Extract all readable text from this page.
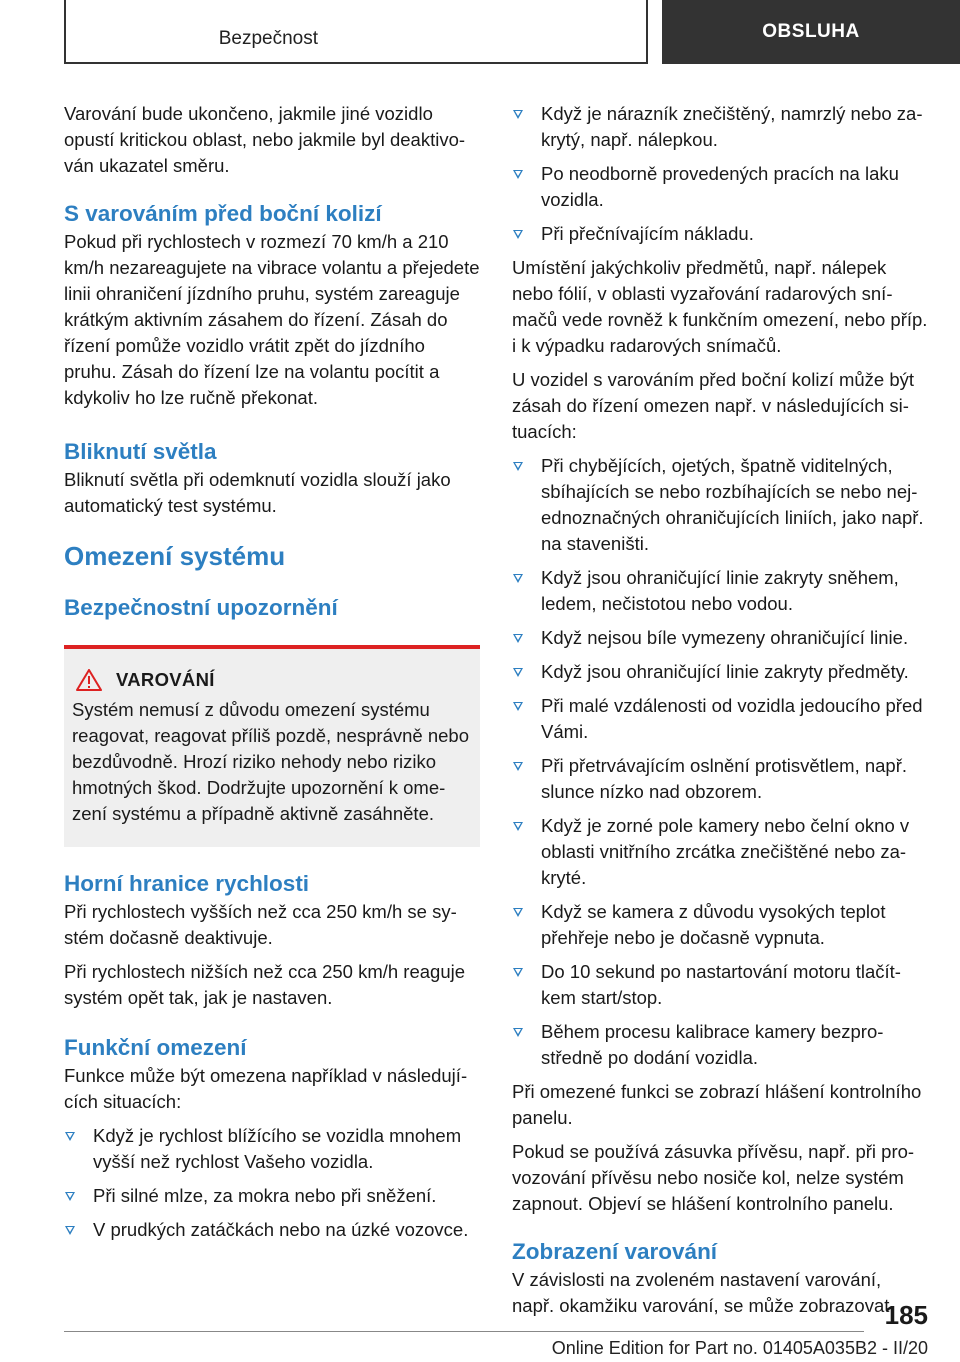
Bezpečnost	OBSLUHA

Varování bude ukončeno, jakmile jiné vozidlo opustí kritickou oblast, nebo jakmile byl deaktivován ukazatel směru.

S varováním před boční kolizí

Pokud při rychlostech v rozmezí 70 km/h a 210 km/h nezareagujete na vibrace volantu a přejedete linii ohraničení jízdního pruhu, systém zareaguje krátkým aktivním zásahem do řízení. Zásah do řízení pomůže vozidlo vrátit zpět do jízdního pruhu. Zásah do řízení lze na volantu pocítit a kdykoliv ho lze ručně překonat.

Bliknutí světla

Bliknutí světla při odemknutí vozidla slouží jako automatický test systému.

Omezení systému
Bezpečnostní upozornění
VAROVÁNÍ

Systém nemusí z důvodu omezení systému reagovat, reagovat příliš pozdě, nesprávně nebo bezdůvodně. Hrozí riziko nehody nebo riziko hmotných škod. Dodržujte upozornění k omezení systému a případně aktivně zasáhněte.

Horní hranice rychlosti

Při rychlostech vyšších než cca 250 km/h se systém dočasně deaktivuje.

Při rychlostech nižších než cca 250 km/h reaguje systém opět tak, jak je nastaven.

Funkční omezení

Funkce může být omezena například v následujících situacích:

Když je rychlost blížícího se vozidla mnohem vyšší než rychlost Vašeho vozidla.
Při silné mlze, za mokra nebo při sněžení.
V prudkých zatáčkách nebo na úzké vozovce.
Když je nárazník znečištěný, namrzlý nebo zakrytý, např. nálepkou.
Po neodborně provedených pracích na laku vozidla.
Při přečnívajícím nákladu.

Umístění jakýchkoliv předmětů, např. nálepek nebo fólií, v oblasti vyzařování radarových snímačů vede rovněž k funkčním omezení, nebo příp. i k výpadku radarových snímačů.

U vozidel s varováním před boční kolizí může být zásah do řízení omezen např. v následujících situacích:

Při chybějících, ojetých, špatně viditelných, sbíhajících se nebo rozbíhajících se nebo nejednoznačných ohraničujících liniích, jako např. na staveništi.
Když jsou ohraničující linie zakryty sněhem, ledem, nečistotou nebo vodou.
Když nejsou bíle vymezeny ohraničující linie.
Když jsou ohraničující linie zakryty předměty.
Při malé vzdálenosti od vozidla jedoucího před Vámi.
Při přetrvávajícím oslnění protisvětlem, např. slunce nízko nad obzorem.
Když je zorné pole kamery nebo čelní okno v oblasti vnitřního zrcátka znečištěné nebo zakryté.
Když se kamera z důvodu vysokých teplot přehřeje nebo je dočasně vypnuta.
Do 10 sekund po nastartování motoru tlačítkem start/stop.
Během procesu kalibrace kamery bezprostředně po dodání vozidla.

Při omezené funkci se zobrazí hlášení kontrolního panelu.

Pokud se používá zásuvka přívěsu, např. při provozování přívěsu nebo nosiče kol, nelze systém zapnout. Objeví se hlášení kontrolního panelu.

Zobrazení varování

V závislosti na zvoleném nastavení varování, např. okamžiku varování, se může zobrazovat

185
Online Edition for Part no. 01405A035B2 - II/20
